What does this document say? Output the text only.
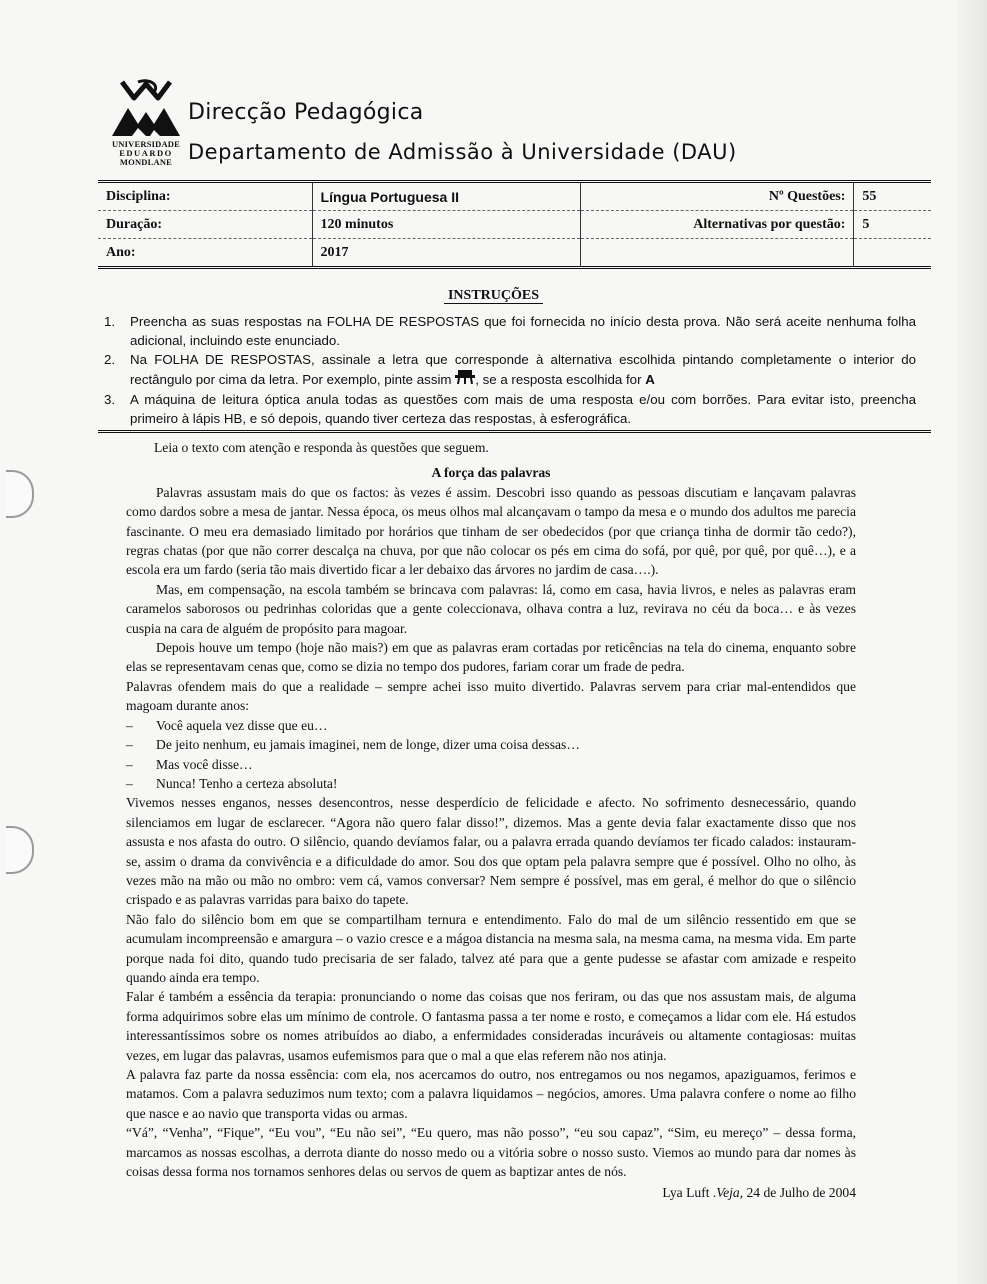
UNIVERSIDADE
EDUARDO
MONDLANE
Direcção Pedagógica
Departamento de Admissão à Universidade (DAU)
Disciplina:	Língua Portuguesa II	Nº Questões:	55
Duração:	120 minutos	Alternativas por questão:	5
Ano:	2017		
INSTRUÇÕES
1. Preencha as suas respostas na FOLHA DE RESPOSTAS que foi fornecida no início desta prova. Não será aceite nenhuma folha adicional, incluindo este enunciado.
2. Na FOLHA DE RESPOSTAS, assinale a letra que corresponde à alternativa escolhida pintando completamente o interior do rectângulo por cima da letra. Por exemplo, pinte assim , se a resposta escolhida for A
3. A máquina de leitura óptica anula todas as questões com mais de uma resposta e/ou com borrões. Para evitar isto, preencha primeiro à lápis HB, e só depois, quando tiver certeza das respostas, à esferográfica.

Leia o texto com atenção e responda às questões que seguem.

A força das palavras

Palavras assustam mais do que os factos: às vezes é assim. Descobri isso quando as pessoas discutiam e lançavam palavras como dardos sobre a mesa de jantar. Nessa época, os meus olhos mal alcançavam o tampo da mesa e o mundo dos adultos me parecia fascinante. O meu era demasiado limitado por horários que tinham de ser obedecidos (por que criança tinha de dormir tão cedo?), regras chatas (por que não correr descalça na chuva, por que não colocar os pés em cima do sofá, por quê, por quê, por quê…), e a escola era um fardo (seria tão mais divertido ficar a ler debaixo das árvores no jardim de casa….).

Mas, em compensação, na escola também se brincava com palavras: lá, como em casa, havia livros, e neles as palavras eram caramelos saborosos ou pedrinhas coloridas que a gente coleccionava, olhava contra a luz, revirava no céu da boca… e às vezes cuspia na cara de alguém de propósito para magoar.

Depois houve um tempo (hoje não mais?) em que as palavras eram cortadas por reticências na tela do cinema, enquanto sobre elas se representavam cenas que, como se dizia no tempo dos pudores, fariam corar um frade de pedra.

Palavras ofendem mais do que a realidade – sempre achei isso muito divertido. Palavras servem para criar mal-entendidos que magoam durante anos:

– Você aquela vez disse que eu…
– De jeito nenhum, eu jamais imaginei, nem de longe, dizer uma coisa dessas…
– Mas você disse…
– Nunca! Tenho a certeza absoluta!

Vivemos nesses enganos, nesses desencontros, nesse desperdício de felicidade e afecto. No sofrimento desnecessário, quando silenciamos em lugar de esclarecer. “Agora não quero falar disso!”, dizemos. Mas a gente devia falar exactamente disso que nos assusta e nos afasta do outro. O silêncio, quando devíamos falar, ou a palavra errada quando devíamos ter ficado calados: instauram-se, assim o drama da convivência e a dificuldade do amor. Sou dos que optam pela palavra sempre que é possível. Olho no olho, às vezes mão na mão ou mão no ombro: vem cá, vamos conversar? Nem sempre é possível, mas em geral, é melhor do que o silêncio crispado e as palavras varridas para baixo do tapete.

Não falo do silêncio bom em que se compartilham ternura e entendimento. Falo do mal de um silêncio ressentido em que se acumulam incompreensão e amargura – o vazio cresce e a mágoa distancia na mesma sala, na mesma cama, na mesma vida. Em parte porque nada foi dito, quando tudo precisaria de ser falado, talvez até para que a gente pudesse se afastar com amizade e respeito quando ainda era tempo.

Falar é também a essência da terapia: pronunciando o nome das coisas que nos feriram, ou das que nos assustam mais, de alguma forma adquirimos sobre elas um mínimo de controle. O fantasma passa a ter nome e rosto, e começamos a lidar com ele. Há estudos interessantíssimos sobre os nomes atribuídos ao diabo, a enfermidades consideradas incuráveis ou altamente contagiosas: muitas vezes, em lugar das palavras, usamos eufemismos para que o mal a que elas referem não nos atinja.

A palavra faz parte da nossa essência: com ela, nos acercamos do outro, nos entregamos ou nos negamos, apaziguamos, ferimos e matamos. Com a palavra seduzimos num texto; com a palavra liquidamos – negócios, amores. Uma palavra confere o nome ao filho que nasce e ao navio que transporta vidas ou armas.

“Vá”, “Venha”, “Fique”, “Eu vou”, “Eu não sei”, “Eu quero, mas não posso”, “eu sou capaz”, “Sim, eu mereço” – dessa forma, marcamos as nossas escolhas, a derrota diante do nosso medo ou a vitória sobre o nosso susto. Viemos ao mundo para dar nomes às coisas dessa forma nos tornamos senhores delas ou servos de quem as baptizar antes de nós.

Lya Luft .Veja, 24 de Julho de 2004
